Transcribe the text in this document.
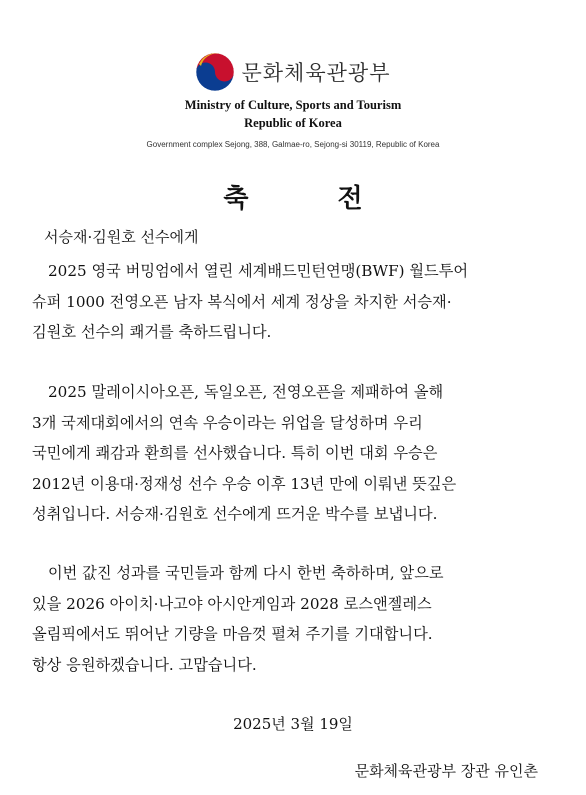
문화체육관광부
Ministry of Culture, Sports and Tourism
Republic of Korea
Government complex Sejong, 388, Galmae-ro, Sejong-si 30119, Republic of Korea
축 전
서승재·김원호 선수에게

2025 영국 버밍엄에서 열린 세계배드민턴연맹(BWF) 월드투어
슈퍼 1000 전영오픈 남자 복식에서 세계 정상을 차지한 서승재·
김원호 선수의 쾌거를 축하드립니다.

2025 말레이시아오픈, 독일오픈, 전영오픈을 제패하여 올해
3개 국제대회에서의 연속 우승이라는 위업을 달성하며 우리
국민에게 쾌감과 환희를 선사했습니다. 특히 이번 대회 우승은
2012년 이용대·정재성 선수 우승 이후 13년 만에 이뤄낸 뜻깊은
성취입니다. 서승재·김원호 선수에게 뜨거운 박수를 보냅니다.

이번 값진 성과를 국민들과 함께 다시 한번 축하하며, 앞으로
있을 2026 아이치·나고야 아시안게임과 2028 로스앤젤레스
올림픽에서도 뛰어난 기량을 마음껏 펼쳐 주기를 기대합니다.
항상 응원하겠습니다. 고맙습니다.

2025년 3월 19일
문화체육관광부 장관 유인촌
